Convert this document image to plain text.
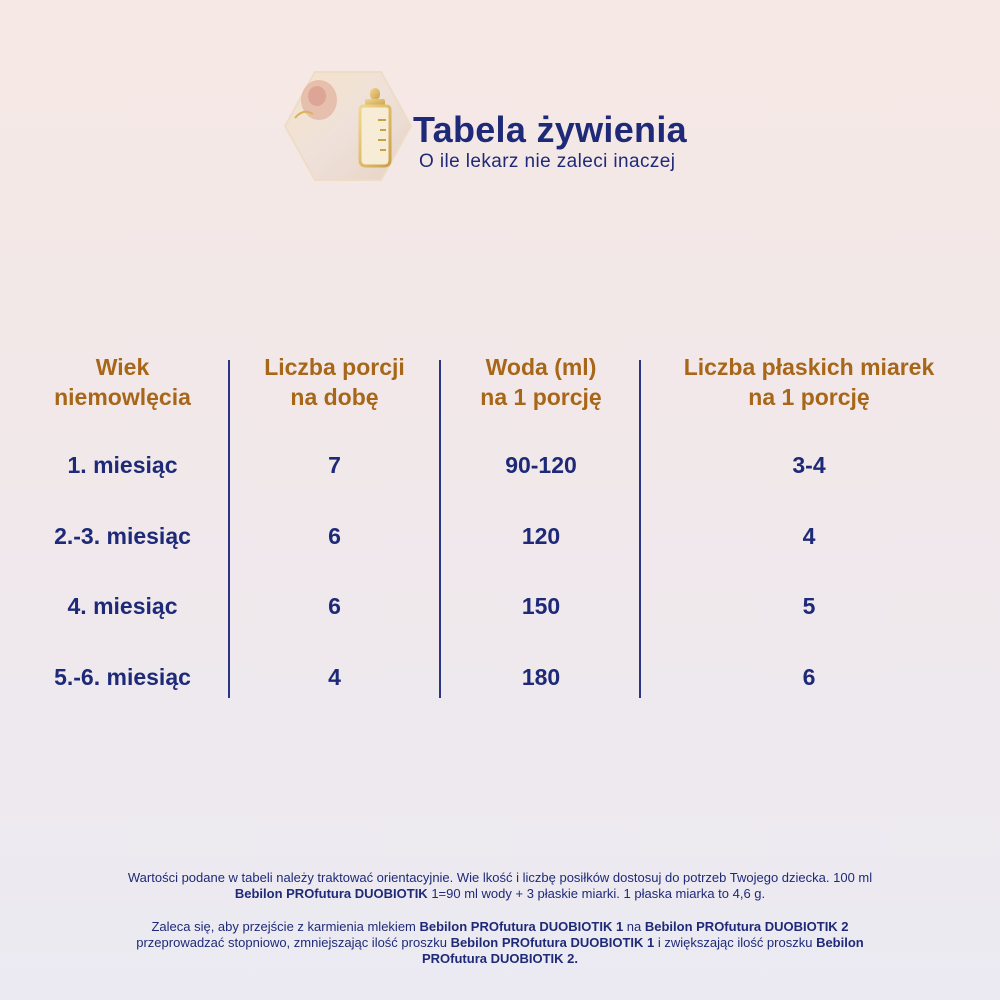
Tabela żywienia
O ile lekarz nie zaleci inaczej
Wiek
niemowlęcia
1. miesiąc
2.-3. miesiąc
4. miesiąc
5.-6. miesiąc
Liczba porcji
na dobę
7
6
6
4
Woda (ml)
na 1 porcję
90-120
120
150
180
Liczba płaskich miarek
na 1 porcję
3-4
4
5
6

Wartości podane w tabeli należy traktować orientacyjnie. Wie lkość i liczbę posiłków dostosuj do potrzeb Twojego dziecka. 100 ml Bebilon PROfutura DUOBIOTIK 1=90 ml wody + 3 płaskie miarki. 1 płaska miarka to 4,6 g.

Zaleca się, aby przejście z karmienia mlekiem Bebilon PROfutura DUOBIOTIK 1 na Bebilon PROfutura DUOBIOTIK 2 przeprowadzać stopniowo, zmniejszając ilość proszku Bebilon PROfutura DUOBIOTIK 1 i zwiększając ilość proszku Bebilon PROfutura DUOBIOTIK 2.
